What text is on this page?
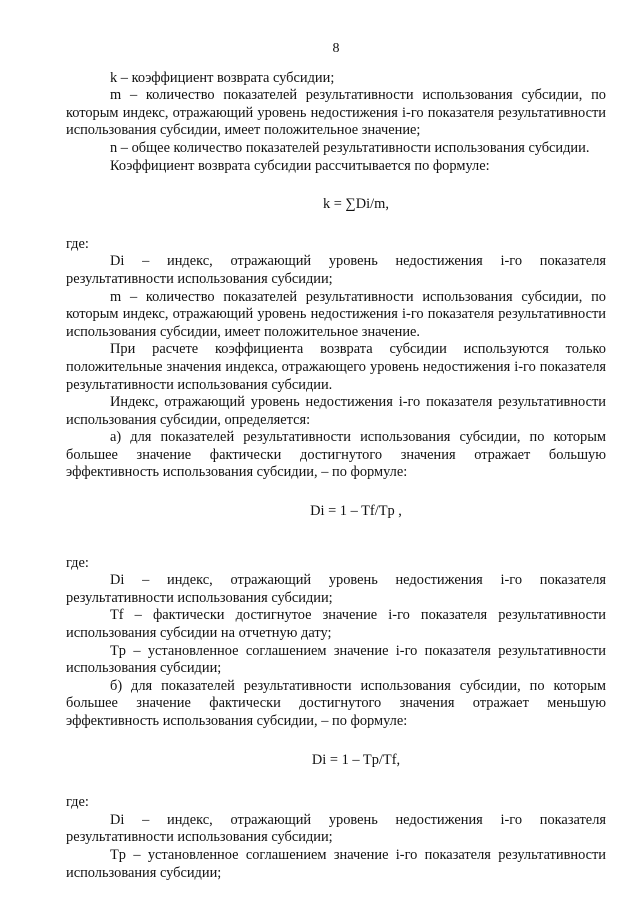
8

k – коэффициент возврата субсидии;

m – количество показателей результативности использования субсидии, по которым индекс, отражающий уровень недостижения i-го показателя результативности использования субсидии, имеет положительное значение;

n – общее количество показателей результативности использования субсидии.

Коэффициент возврата субсидии рассчитывается по формуле:

k = ∑Di/m,

где:

Di – индекс, отражающий уровень недостижения i-го показателя результативности использования субсидии;

m – количество показателей результативности использования субсидии, по которым индекс, отражающий уровень недостижения i-го показателя результативности использования субсидии, имеет положительное значение.

При расчете коэффициента возврата субсидии используются только положительные значения индекса, отражающего уровень недостижения i-го показателя результативности использования субсидии.

Индекс, отражающий уровень недостижения i-го показателя результативности использования субсидии, определяется:

а) для показателей результативности использования субсидии, по которым большее значение фактически достигнутого значения отражает большую эффективность использования субсидии, – по формуле:

Di = 1 – Tf/Tp ,

где:

Di – индекс, отражающий уровень недостижения i-го показателя результативности использования субсидии;

Tf – фактически достигнутое значение i-го показателя результативности использования субсидии на отчетную дату;

Tp – установленное соглашением значение i-го показателя результативности использования субсидии;

б) для показателей результативности использования субсидии, по которым большее значение фактически достигнутого значения отражает меньшую эффективность использования субсидии, – по формуле:

Di = 1 – Tp/Tf,

где:

Di – индекс, отражающий уровень недостижения i-го показателя результативности использования субсидии;

Tp – установленное соглашением значение i-го показателя результативности использования субсидии;
